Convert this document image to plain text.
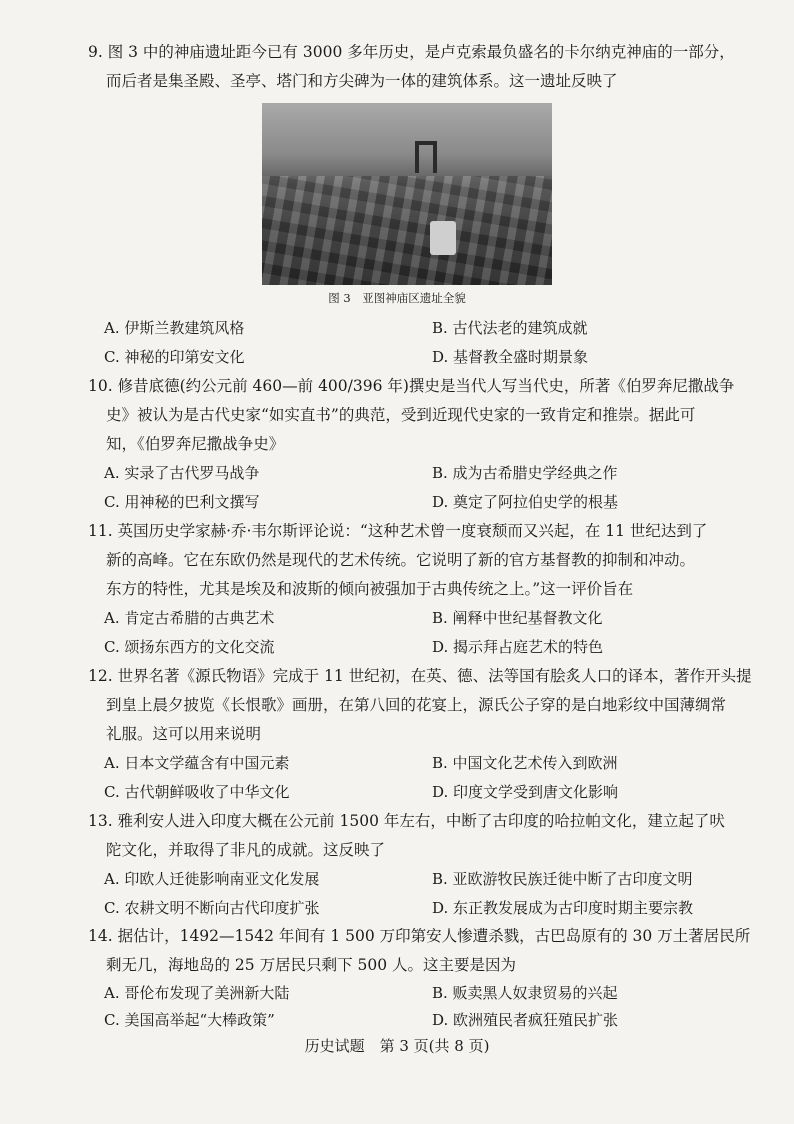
9. 图 3 中的神庙遗址距今已有 3000 多年历史，是卢克索最负盛名的卡尔纳克神庙的一部分，
而后者是集圣殿、圣亭、塔门和方尖碑为一体的建筑体系。这一遗址反映了
图 3　亚图神庙区遗址全貌
A. 伊斯兰教建筑风格	B. 古代法老的建筑成就
C. 神秘的印第安文化	D. 基督教全盛时期景象
10. 修昔底德(约公元前 460—前 400/396 年)撰史是当代人写当代史，所著《伯罗奔尼撒战争
史》被认为是古代史家“如实直书”的典范，受到近现代史家的一致肯定和推崇。据此可
知，《伯罗奔尼撒战争史》
A. 实录了古代罗马战争	B. 成为古希腊史学经典之作
C. 用神秘的巴利文撰写	D. 奠定了阿拉伯史学的根基
11. 英国历史学家赫·乔·韦尔斯评论说：“这种艺术曾一度衰颓而又兴起，在 11 世纪达到了
新的高峰。它在东欧仍然是现代的艺术传统。它说明了新的官方基督教的抑制和冲动。
东方的特性，尤其是埃及和波斯的倾向被强加于古典传统之上。”这一评价旨在
A. 肯定古希腊的古典艺术	B. 阐释中世纪基督教文化
C. 颂扬东西方的文化交流	D. 揭示拜占庭艺术的特色
12. 世界名著《源氏物语》完成于 11 世纪初，在英、德、法等国有脍炙人口的译本，著作开头提
到皇上晨夕披览《长恨歌》画册，在第八回的花宴上，源氏公子穿的是白地彩纹中国薄绸常
礼服。这可以用来说明
A. 日本文学蕴含有中国元素	B. 中国文化艺术传入到欧洲
C. 古代朝鲜吸收了中华文化	D. 印度文学受到唐文化影响
13. 雅利安人进入印度大概在公元前 1500 年左右，中断了古印度的哈拉帕文化，建立起了吠
陀文化，并取得了非凡的成就。这反映了
A. 印欧人迁徙影响南亚文化发展	B. 亚欧游牧民族迁徙中断了古印度文明
C. 农耕文明不断向古代印度扩张	D. 东正教发展成为古印度时期主要宗教
14. 据估计，1492—1542 年间有 1 500 万印第安人惨遭杀戮，古巴岛原有的 30 万土著居民所
剩无几，海地岛的 25 万居民只剩下 500 人。这主要是因为
A. 哥伦布发现了美洲新大陆	B. 贩卖黑人奴隶贸易的兴起
C. 美国高举起“大棒政策”	D. 欧洲殖民者疯狂殖民扩张
历史试题　第 3 页(共 8 页)
